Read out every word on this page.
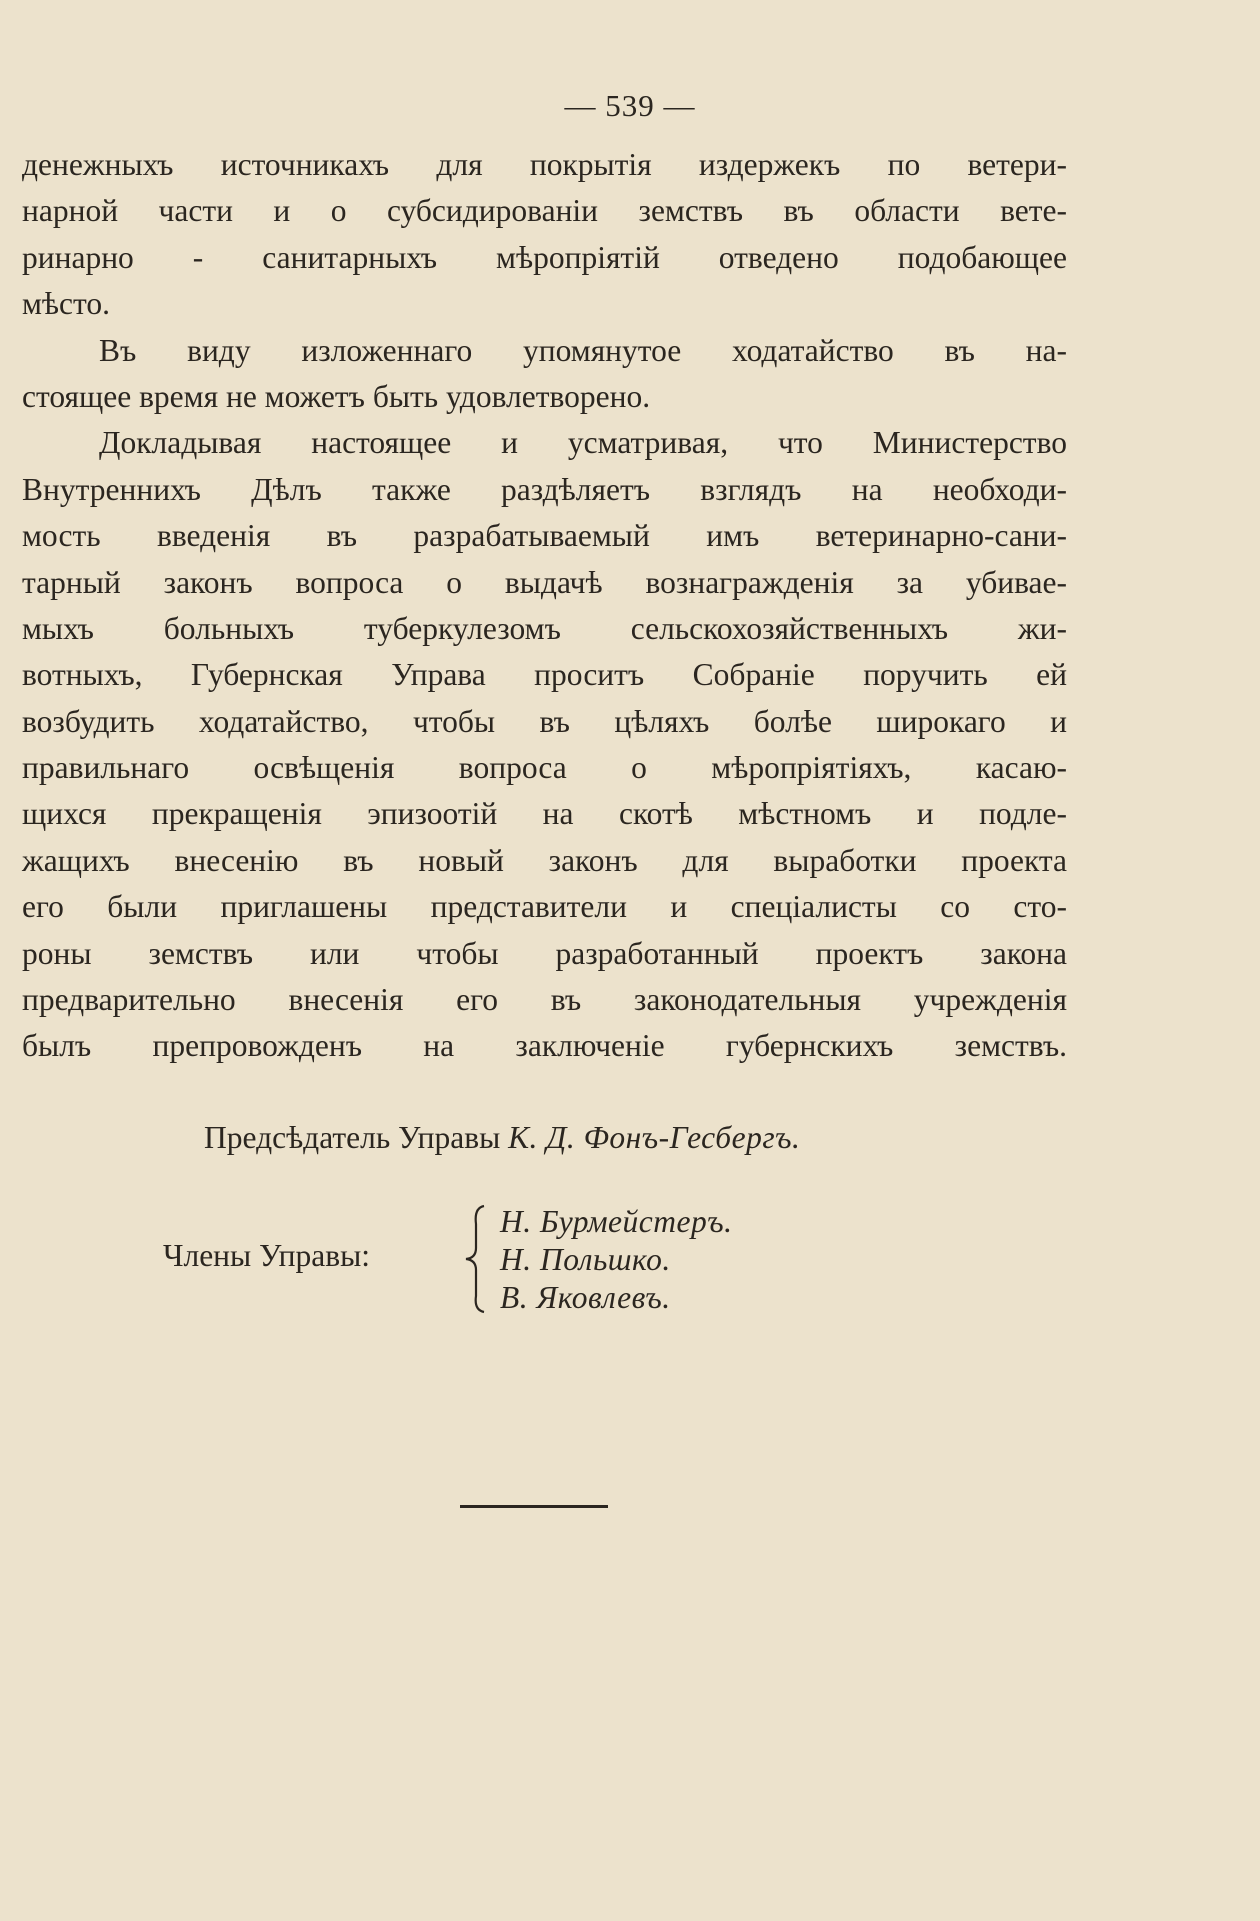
— 539 —
денежныхъ источникахъ для покрытія издержекъ по ветери-
нарной части и о субсидированіи земствъ въ области вете-
ринарно - санитарныхъ мѣропріятій отведено подобающее
мѣсто.
Въ виду изложеннаго упомянутое ходатайство въ на-
стоящее время не можетъ быть удовлетворено.
Докладывая настоящее и усматривая, что Министерство
Внутреннихъ Дѣлъ также раздѣляетъ взглядъ на необходи-
мость введенія въ разрабатываемый имъ ветеринарно-сани-
тарный законъ вопроса о выдачѣ вознагражденія за убивае-
мыхъ больныхъ туберкулезомъ сельскохозяйственныхъ жи-
вотныхъ, Губернская Управа проситъ Собраніе поручить ей
возбудить ходатайство, чтобы въ цѣляхъ болѣе широкаго и
правильнаго освѣщенія вопроса о мѣропріятіяхъ, касаю-
щихся прекращенія эпизоотій на скотѣ мѣстномъ и подле-
жащихъ внесенію въ новый законъ для выработки проекта
его были приглашены представители и спеціалисты со сто-
роны земствъ или чтобы разработанный проектъ закона
предварительно внесенія его въ законодательныя учрежденія
былъ препровожденъ на заключеніе губернскихъ земствъ.
Предсѣдатель Управы К. Д. Фонъ-Гесбергъ.
Члены Управы:
Н. Бурмейстеръ.
Н. Польшко.
В. Яковлевъ.
